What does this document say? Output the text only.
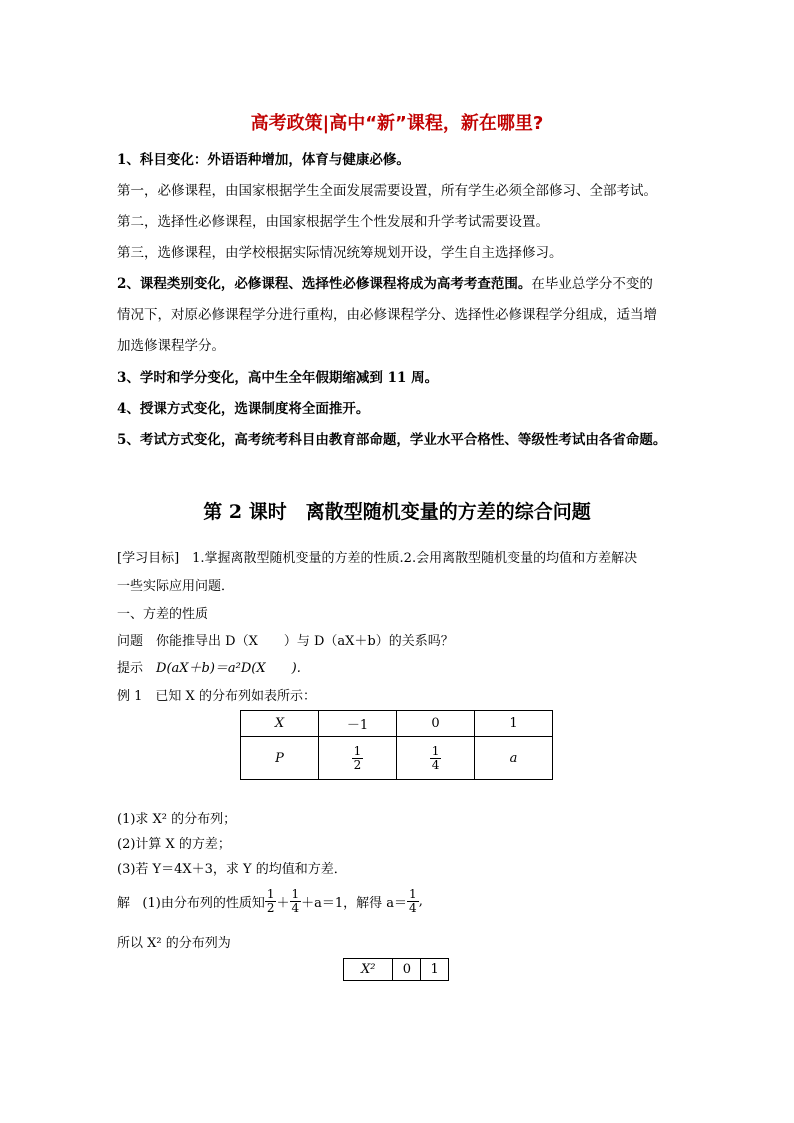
高考政策|高中“新”课程，新在哪里?
1、科目变化：外语语种增加，体育与健康必修。
第一，必修课程，由国家根据学生全面发展需要设置，所有学生必须全部修习、全部考试。
第二，选择性必修课程，由国家根据学生个性发展和升学考试需要设置。
第三，选修课程，由学校根据实际情况统筹规划开设，学生自主选择修习。
2、课程类别变化，必修课程、选择性必修课程将成为高考考查范围。在毕业总学分不变的
情况下，对原必修课程学分进行重构，由必修课程学分、选择性必修课程学分组成，适当增
加选修课程学分。
3、学时和学分变化，高中生全年假期缩减到 11 周。
4、授课方式变化，选课制度将全面推开。
5、考试方式变化，高考统考科目由教育部命题，学业水平合格性、等级性考试由各省命题。
第 2 课时　离散型随机变量的方差的综合问题
[学习目标]　1.掌握离散型随机变量的方差的性质.2.会用离散型随机变量的均值和方差解决
一些实际应用问题．
一、方差的性质
问题　 你能推导出 D（X　　）与 D（aX＋b）的关系吗？
提示　 D(aX＋b)＝a²D(X　　).
例 1　 已知 X 的分布列如表所示：
X	－1	0	1
P	$\frac{1}{2}$	$\frac{1}{4}$	a
(1)求 X² 的分布列；
(2)计算 X 的方差；
(3)若 Y＝4X＋3，求 Y 的均值和方差．
解
(1)由分布列的性质知 $\frac{1}{2} + \frac{1}{4} +a=1$，解得 $a= \frac{1}{4}$ ,
所以 X² 的分布列为
X²	0	1
